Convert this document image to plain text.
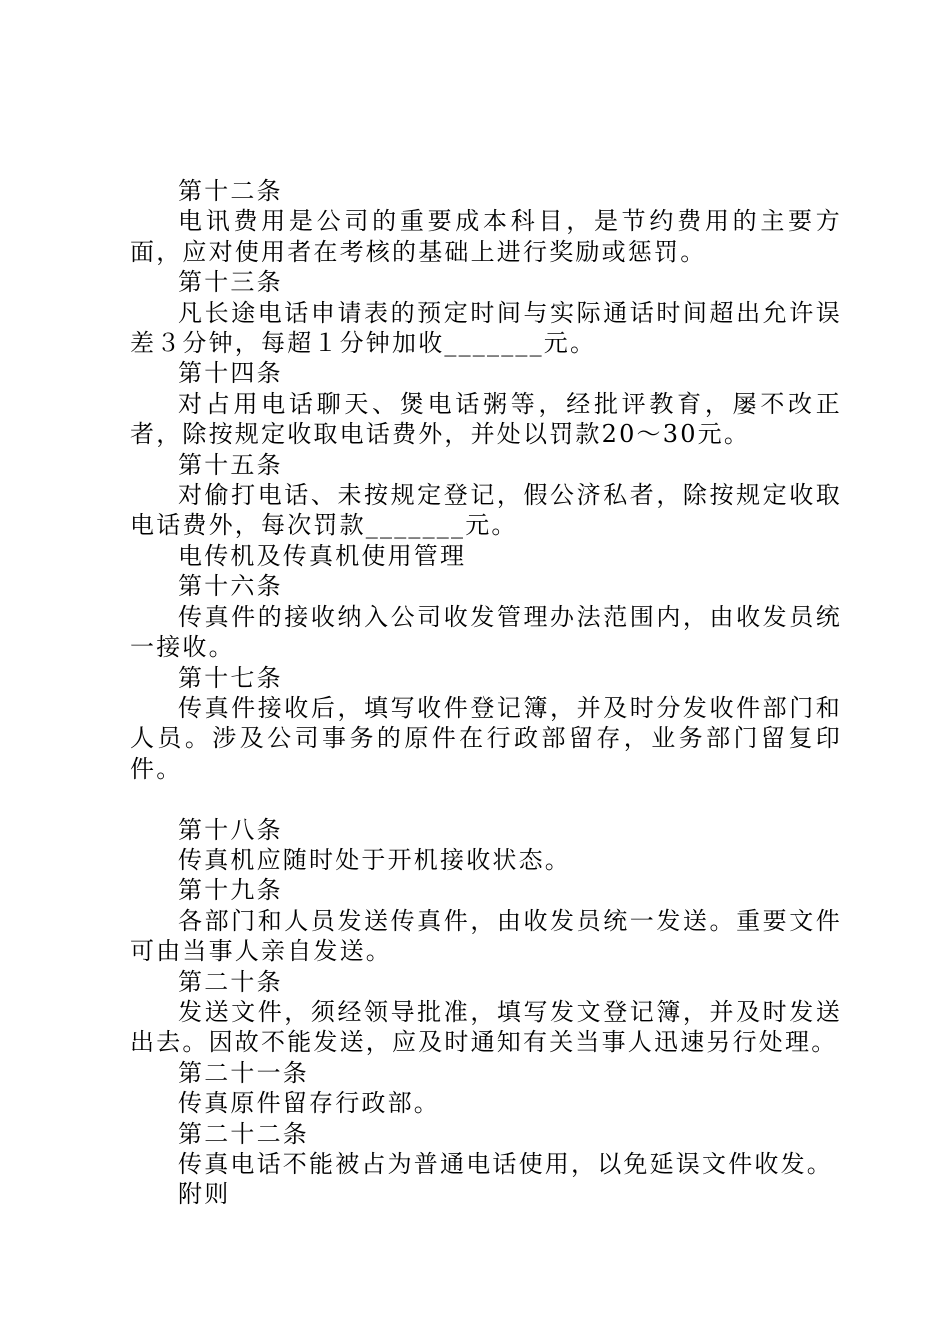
第十二条

电讯费用是公司的重要成本科目，是节约费用的主要方面，应对使用者在考核的基础上进行奖励或惩罚。

第十三条

凡长途电话申请表的预定时间与实际通话时间超出允许误差３分钟，每超１分钟加收_______元。

第十四条

对占用电话聊天、煲电话粥等，经批评教育，屡不改正者，除按规定收取电话费外，并处以罚款20～30元。

第十五条

对偷打电话、未按规定登记，假公济私者，除按规定收取电话费外，每次罚款_______元。

电传机及传真机使用管理

第十六条

传真件的接收纳入公司收发管理办法范围内，由收发员统一接收。

第十七条

传真件接收后，填写收件登记簿，并及时分发收件部门和人员。涉及公司事务的原件在行政部留存，业务部门留复印件。

第十八条

传真机应随时处于开机接收状态。

第十九条

各部门和人员发送传真件，由收发员统一发送。重要文件可由当事人亲自发送。

第二十条

发送文件，须经领导批准，填写发文登记簿，并及时发送出去。因故不能发送，应及时通知有关当事人迅速另行处理。

第二十一条

传真原件留存行政部。

第二十二条

传真电话不能被占为普通电话使用，以免延误文件收发。

附则
